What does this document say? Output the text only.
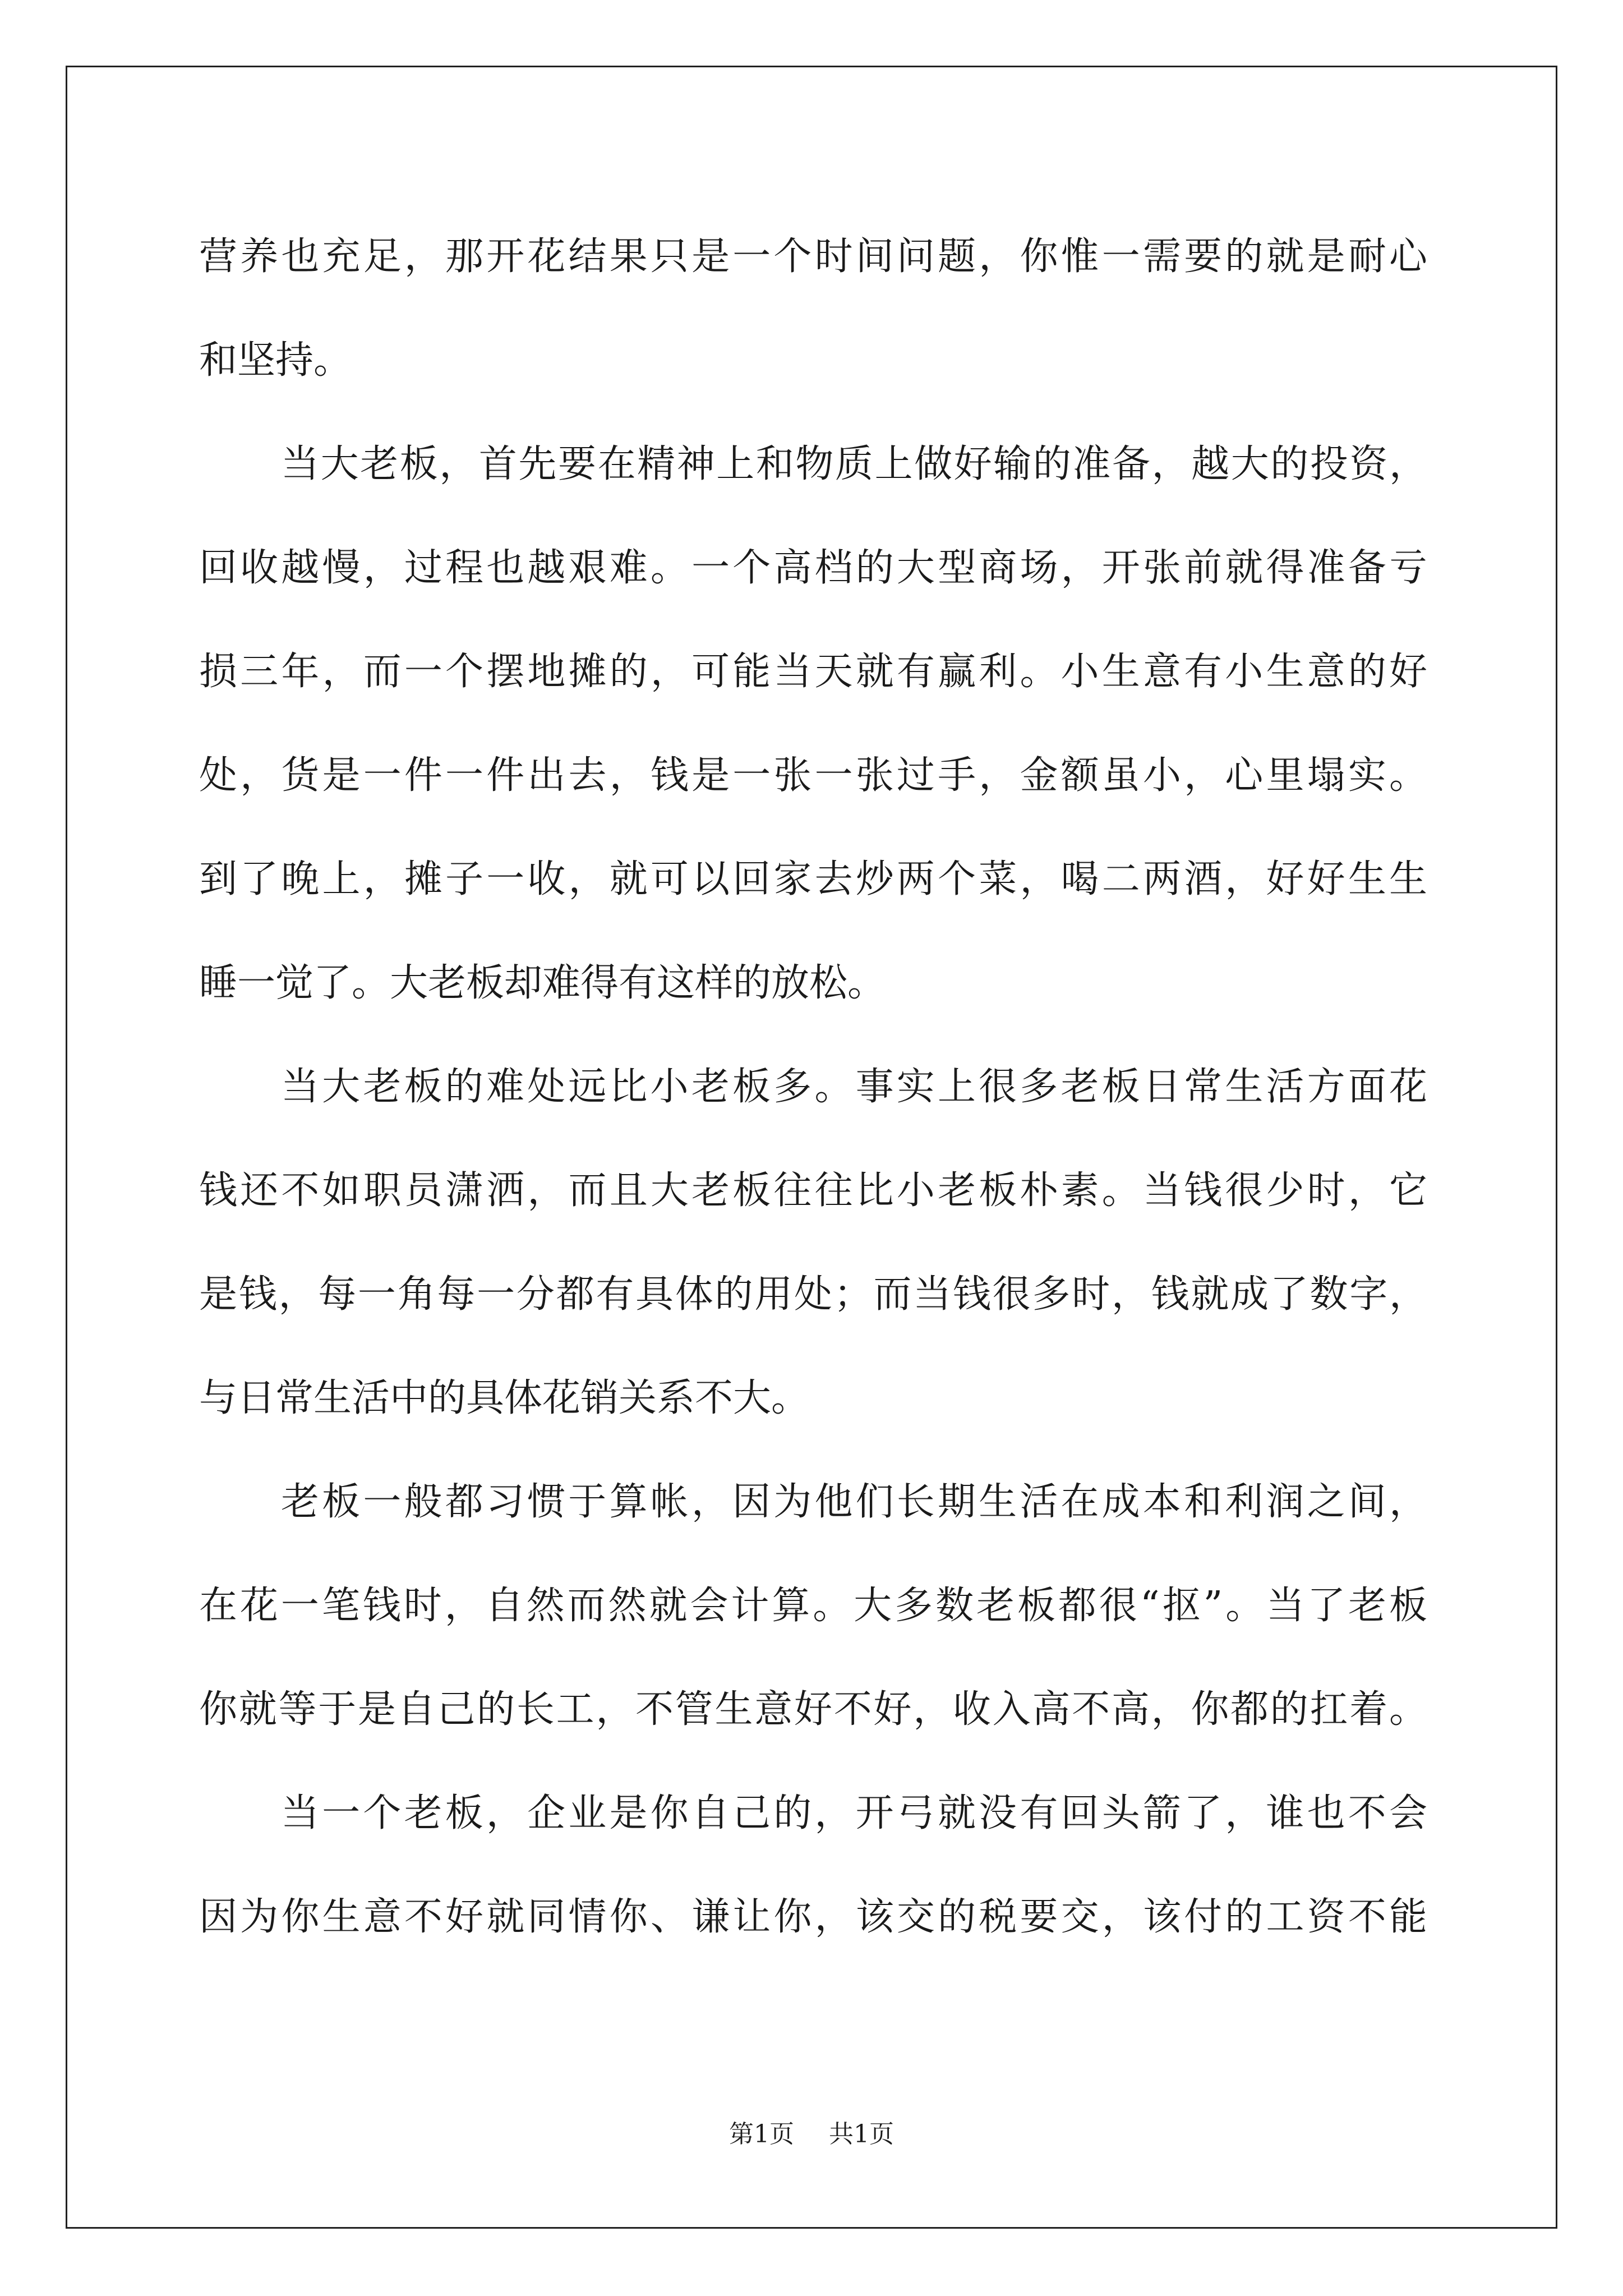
营养也充足，那开花结果只是一个时间问题，你惟一需要的就是耐心
和坚持。
当大老板，首先要在精神上和物质上做好输的准备，越大的投资，
回收越慢，过程也越艰难。一个高档的大型商场，开张前就得准备亏
损三年，而一个摆地摊的，可能当天就有赢利。小生意有小生意的好
处，货是一件一件出去，钱是一张一张过手，金额虽小，心里塌实。
到了晚上，摊子一收，就可以回家去炒两个菜，喝二两酒，好好生生
睡一觉了。大老板却难得有这样的放松。
当大老板的难处远比小老板多。事实上很多老板日常生活方面花
钱还不如职员潇洒，而且大老板往往比小老板朴素。当钱很少时，它
是钱，每一角每一分都有具体的用处；而当钱很多时，钱就成了数字，
与日常生活中的具体花销关系不大。
老板一般都习惯于算帐，因为他们长期生活在成本和利润之间，
在花一笔钱时，自然而然就会计算。大多数老板都很“抠”。当了老板
你就等于是自己的长工，不管生意好不好，收入高不高，你都的扛着。
当一个老板，企业是你自己的，开弓就没有回头箭了，谁也不会
因为你生意不好就同情你、谦让你，该交的税要交，该付的工资不能
第1页 共1页
